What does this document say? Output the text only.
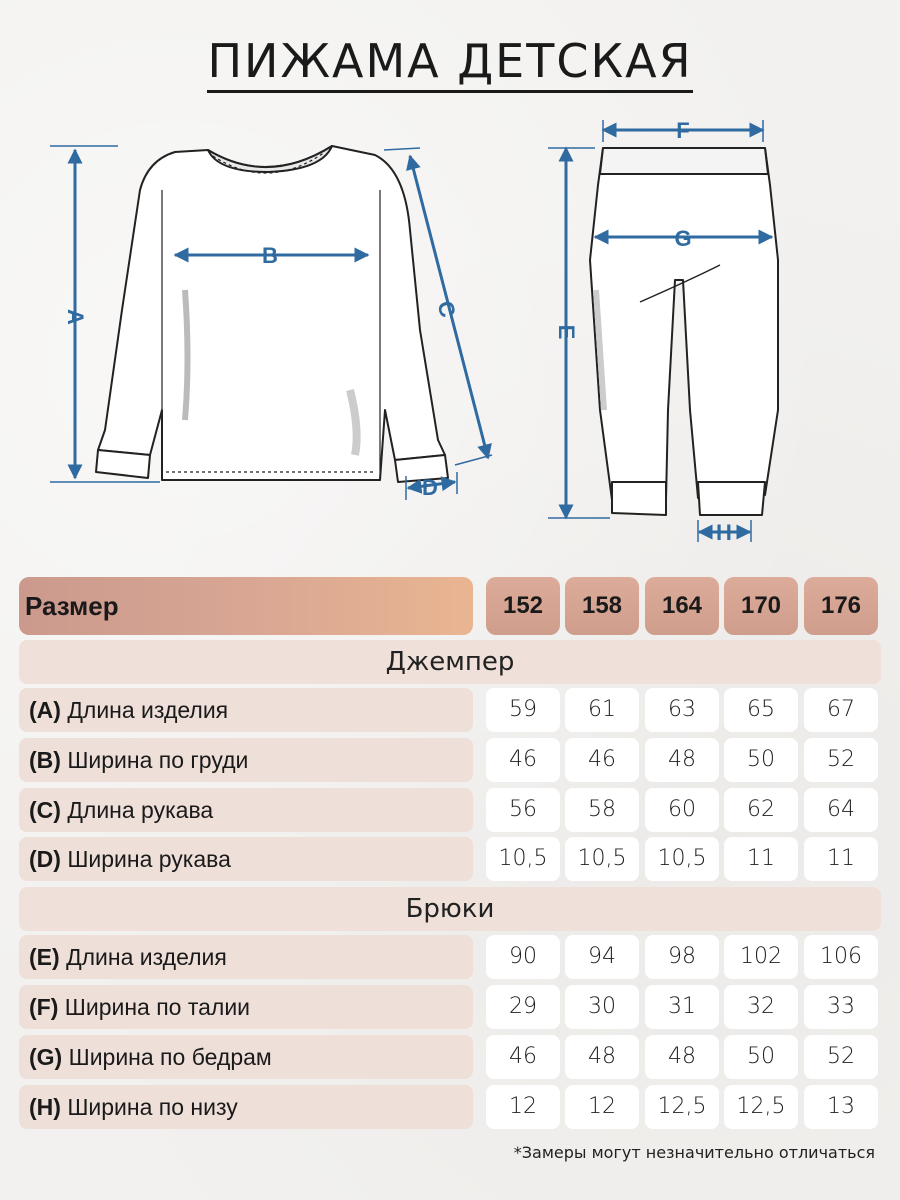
ПИЖАМА ДЕТСКАЯ
A
B
C
D
E
F
G
H
Размер	152	158	164	170	176
Джемпер
(A) Длина изделия	59	61	63	65	67
(B) Ширина по груди	46	46	48	50	52
(C) Длина рукава	56	58	60	62	64
(D) Ширина рукава	10,5	10,5	10,5	11	11
Брюки
(E) Длина изделия	90	94	98	102	106
(F) Ширина по талии	29	30	31	32	33
(G) Ширина по бедрам	46	48	48	50	52
(H) Ширина по низу	12	12	12,5	12,5	13
*Замеры могут незначительно отличаться
